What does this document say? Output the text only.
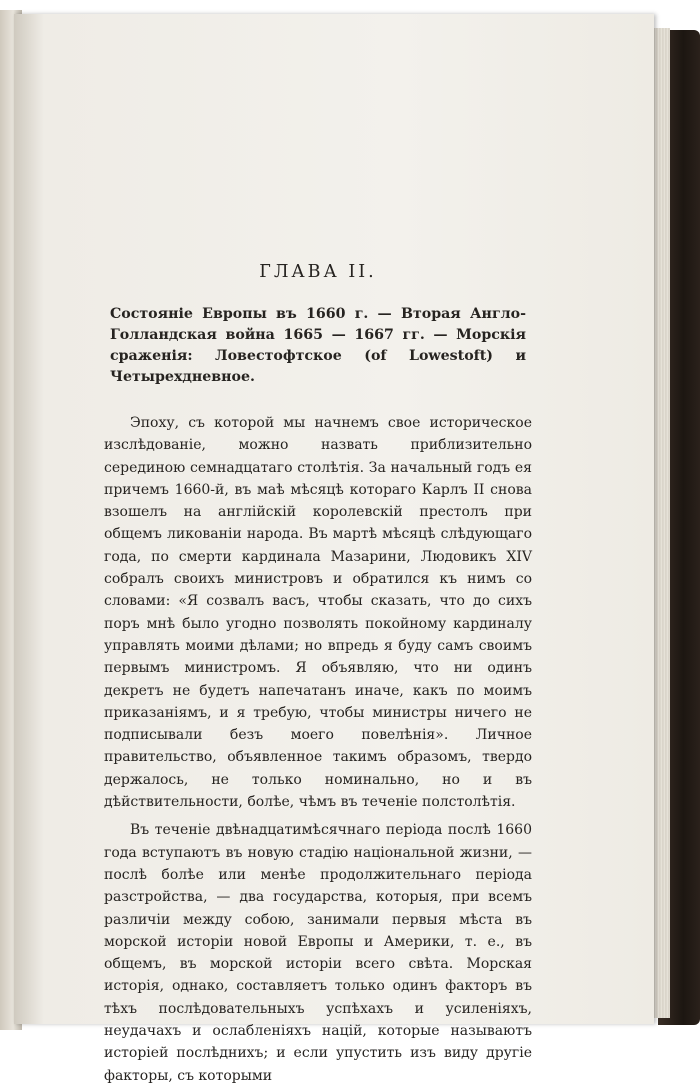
ГЛАВА II.

Состоянiе Европы въ 1660 г. — Вторая Англо-Голландская война 1665 — 1667 гг. — Морскiя сраженiя: Ловестофтское (of Lowestoft) и Четырехдневное.

Эпоху, съ которой мы начнемъ свое историческое изслѣдованiе, можно назвать приблизительно серединою семнадцатаго столѣтiя. За начальный годъ ея причемъ 1660-й, въ маѣ мѣсяцѣ котораго Карлъ II снова взошелъ на англiйскiй королевскiй престолъ при общемъ ликованiи народа. Въ мартѣ мѣсяцѣ слѣдующаго года, по смерти кардинала Мазарини, Людовикъ XIV собралъ своихъ министровъ и обратился къ нимъ со словами: «Я созвалъ васъ, чтобы сказать, что до сихъ поръ мнѣ было угодно позволять покойному кардиналу управлять моими дѣлами; но впредь я буду самъ своимъ первымъ министромъ. Я объявляю, что ни одинъ декретъ не будетъ напечатанъ иначе, какъ по моимъ приказанiямъ, и я требую, чтобы министры ничего не подписывали безъ моего повелѣнiя». Личное правительство, объявленное такимъ образомъ, твердо держалось, не только номинально, но и въ дѣйствительности, болѣе, чѣмъ въ теченiе полстолѣтiя.

Въ теченiе двѣнадцатимѣсячнаго перiода послѣ 1660 года вступаютъ въ новую стадiю нацiональной жизни, — послѣ болѣе или менѣе продолжительнаго перiода разстройства, — два государства, которыя, при всемъ различiи между собою, занимали первыя мѣста въ морской исторiи новой Европы и Америки, т. е., въ общемъ, въ морской исторiи всего свѣта. Морская исторiя, однако, составляетъ только одинъ факторъ въ тѣхъ послѣдовательныхъ успѣхахъ и усиленiяхъ, неудачахъ и ослабленiяхъ нацiй, которые называютъ исторiей послѣднихъ; и если упустить изъ виду другiе факторы, съ которыми
